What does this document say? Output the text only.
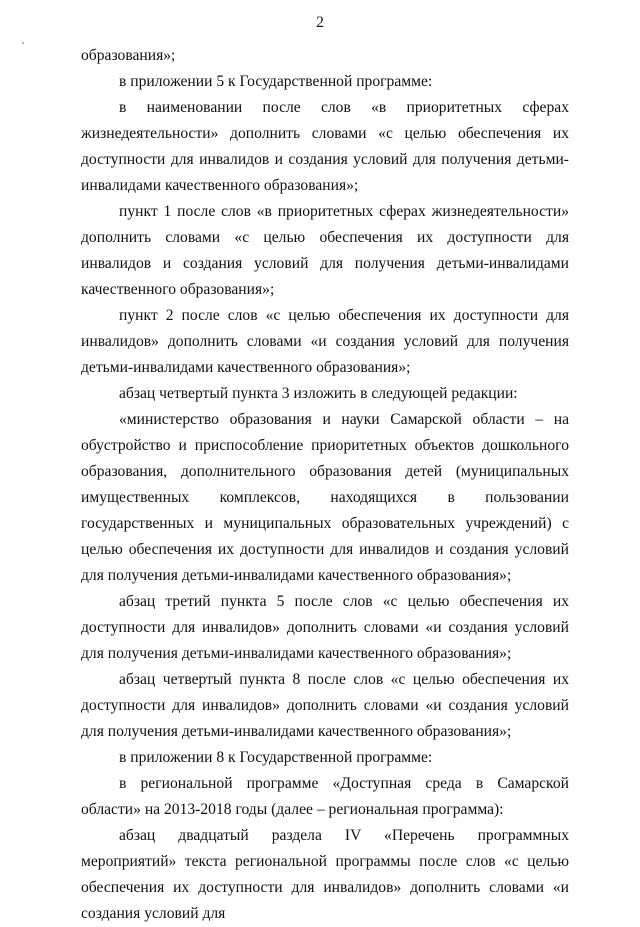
2

образования»;

в приложении 5 к Государственной программе:

в наименовании после слов «в приоритетных сферах жизнедеятельности» дополнить словами «с целью обеспечения их доступности для инвалидов и создания условий для получения детьми-инвалидами качественного образования»;

пункт 1 после слов «в приоритетных сферах жизнедеятельности» дополнить словами «с целью обеспечения их доступности для инвалидов и создания условий для получения детьми-инвалидами качественного образования»;

пункт 2 после слов «с целью обеспечения их доступности для инвалидов» дополнить словами «и создания условий для получения детьми-инвалидами качественного образования»;

абзац четвертый пункта 3 изложить в следующей редакции:

«министерство образования и науки Самарской области – на обустройство и приспособление приоритетных объектов дошкольного образования, дополнительного образования детей (муниципальных имущественных комплексов, находящихся в пользовании государственных и муниципальных образовательных учреждений) с целью обеспечения их доступности для инвалидов и создания условий для получения детьми-инвалидами качественного образования»;

абзац третий пункта 5 после слов «с целью обеспечения их доступности для инвалидов» дополнить словами «и создания условий для получения детьми-инвалидами качественного образования»;

абзац четвертый пункта 8 после слов «с целью обеспечения их доступности для инвалидов» дополнить словами «и создания условий для получения детьми-инвалидами качественного образования»;

в приложении 8 к Государственной программе:

в региональной программе «Доступная среда в Самарской области» на 2013-2018 годы (далее – региональная программа):

абзац двадцатый раздела IV «Перечень программных мероприятий» текста региональной программы после слов «с целью обеспечения их доступности для инвалидов» дополнить словами «и создания условий для
